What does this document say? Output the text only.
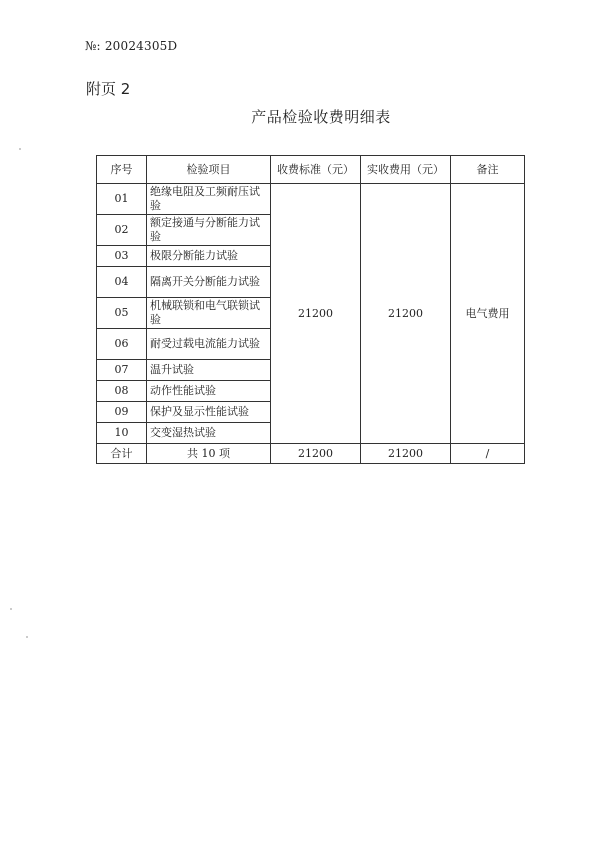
№: 20024305D
附页 2
产品检验收费明细表
序号	检验项目	收费标准（元）	实收费用（元）	备注
01	绝缘电阻及工频耐压试验	21200	21200	电气费用
02	额定接通与分断能力试验			
03	极限分断能力试验			
04	隔离开关分断能力试验			
05	机械联锁和电气联锁试验			
06	耐受过载电流能力试验			
07	温升试验			
08	动作性能试验			
09	保护及显示性能试验			
10	交变湿热试验			
合计	共 10 项	21200	21200	/
